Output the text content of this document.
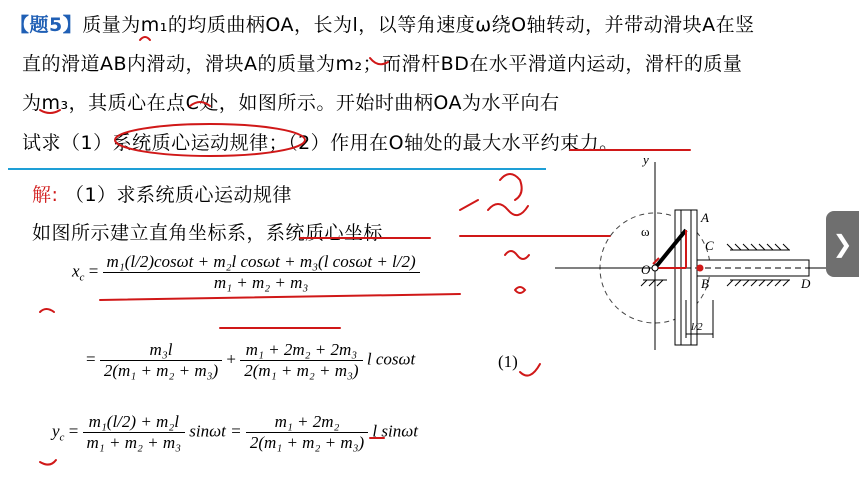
【题5】质量为m₁的均质曲柄OA，长为l，以等角速度ω绕O轴转动，并带动滑块A在竖
直的滑道AB内滑动，滑块A的质量为m₂；而滑杆BD在水平滑道内运动，滑杆的质量
为m₃，其质心在点C处，如图所示。开始时曲柄OA为水平向右
试求（1）系统质心运动规律；（2）作用在O轴处的最大水平约束力。
解: （1）求系统质心运动规律
如图所示建立直角坐标系，系统质心坐标
$x_c = \frac{\text{m₁(l/2)cosωt + m₂l cosωt + m₃(l cosωt + l/2)}}{\text{m₁ + m₂ + m₃}}$
= $\frac{\text{m₃l}}{\text{2(m₁ + m₂ + m₃)}} + \frac{\text{m₁ + 2m₂ + 2m₃}}{\text{2(m₁ + m₂ + m₃)}}$ l cosωt	(1)
$y_c = \frac{\text{m₁(l/2) + m₂l}}{\text{m₁ + m₂ + m₃}}$ $\sin\omega t = \frac{\text{m₁ + 2m₂}}{\text{2(m₁ + m₂ + m₃)}}$ l sinωt
y
A
B
C
D
O
ω
l/2
❯
